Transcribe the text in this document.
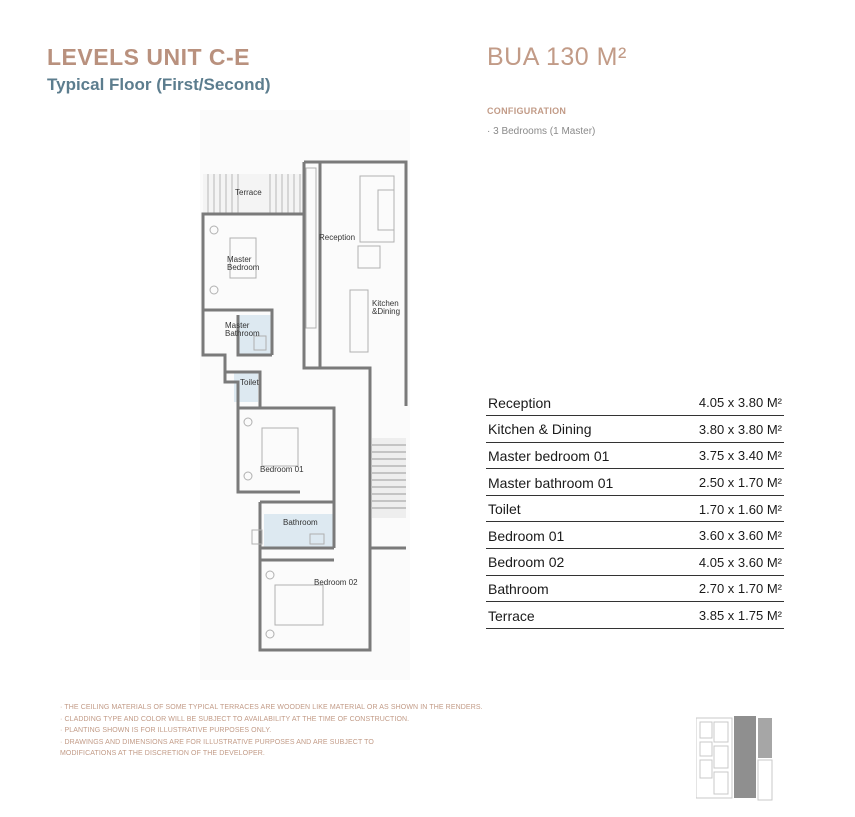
LEVELS UNIT C-E
Typical Floor (First/Second)
BUA 130 M²
CONFIGURATION
· 3 Bedrooms (1 Master)
Terrace
Reception
Master
Bedroom
Master
Bathroom
Kitchen
&Dining
Toilet
Bedroom 01
Bathroom
Bedroom 02
Reception	4.05 x 3.80 M²
Kitchen & Dining	3.80 x 3.80 M²
Master bedroom 01	3.75 x 3.40 M²
Master bathroom 01	2.50 x 1.70 M²
Toilet	1.70 x 1.60 M²
Bedroom 01	3.60 x 3.60 M²
Bedroom 02	4.05 x 3.60 M²
Bathroom	2.70 x 1.70 M²
Terrace	3.85 x 1.75 M²
· THE CEILING MATERIALS OF SOME TYPICAL TERRACES ARE WOODEN LIKE MATERIAL OR AS SHOWN IN THE RENDERS.
· CLADDING TYPE AND COLOR WILL BE SUBJECT TO AVAILABILITY AT THE TIME OF CONSTRUCTION.
· PLANTING SHOWN IS FOR ILLUSTRATIVE PURPOSES ONLY.
· DRAWINGS AND DIMENSIONS ARE FOR ILLUSTRATIVE PURPOSES AND ARE SUBJECT TO
MODIFICATIONS AT THE DISCRETION OF THE DEVELOPER.
